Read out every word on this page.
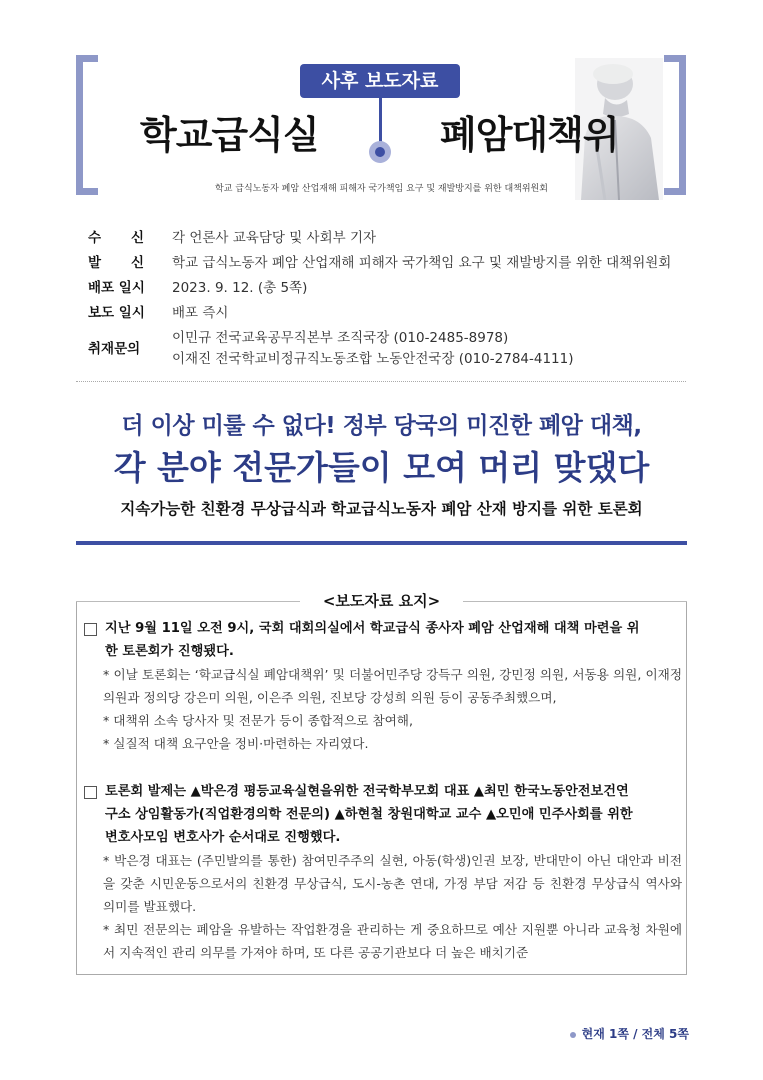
사후 보도자료
학교급식실	폐암대책위
학교 급식노동자 폐암 산업재해 피해자 국가책임 요구 및 재발방지를 위한 대책위원회
수 신 각 언론사 교육담당 및 사회부 기자
발 신 학교 급식노동자 폐암 산업재해 피해자 국가책임 요구 및 재발방지를 위한 대책위원회
배포 일시	2023. 9. 12. (총 5쪽)
보도 일시	배포 즉시
취재문의
이민규 전국교육공무직본부 조직국장 (010-2485-8978)
이재진 전국학교비정규직노동조합 노동안전국장 (010-2784-4111)
더 이상 미룰 수 없다! 정부 당국의 미진한 폐암 대책,
각 분야 전문가들이 모여 머리 맞댔다
지속가능한 친환경 무상급식과 학교급식노동자 폐암 산재 방지를 위한 토론회
<보도자료 요지>
지난 9월 11일 오전 9시, 국회 대회의실에서 학교급식 종사자 폐암 산업재해 대책 마련을 위
한 토론회가 진행됐다.
* 이날 토론회는 ‘학교급식실 폐암대책위’ 및 더불어민주당 강득구 의원, 강민정 의원, 서동용 의원, 이재정 의원과 정의당 강은미 의원, 이은주 의원, 진보당 강성희 의원 등이 공동주최했으며,
* 대책위 소속 당사자 및 전문가 등이 종합적으로 참여해,
* 실질적 대책 요구안을 정비·마련하는 자리였다.
토론회 발제는 ▲박은경 평등교육실현을위한 전국학부모회 대표 ▲최민 한국노동안전보건연
구소 상임활동가(직업환경의학 전문의) ▲하현철 창원대학교 교수 ▲오민애 민주사회를 위한
변호사모임 변호사가 순서대로 진행했다.
* 박은경 대표는 (주민발의를 통한) 참여민주주의 실현, 아동(학생)인권 보장, 반대만이 아닌 대안과 비전을 갖춘 시민운동으로서의 친환경 무상급식, 도시-농촌 연대, 가정 부담 저감 등 친환경 무상급식 역사와 의미를 발표했다.
* 최민 전문의는 폐암을 유발하는 작업환경을 관리하는 게 중요하므로 예산 지원뿐 아니라 교육청 차원에서 지속적인 관리 의무를 가져야 하며, 또 다른 공공기관보다 더 높은 배치기준
현재 1쪽 / 전체 5쪽
